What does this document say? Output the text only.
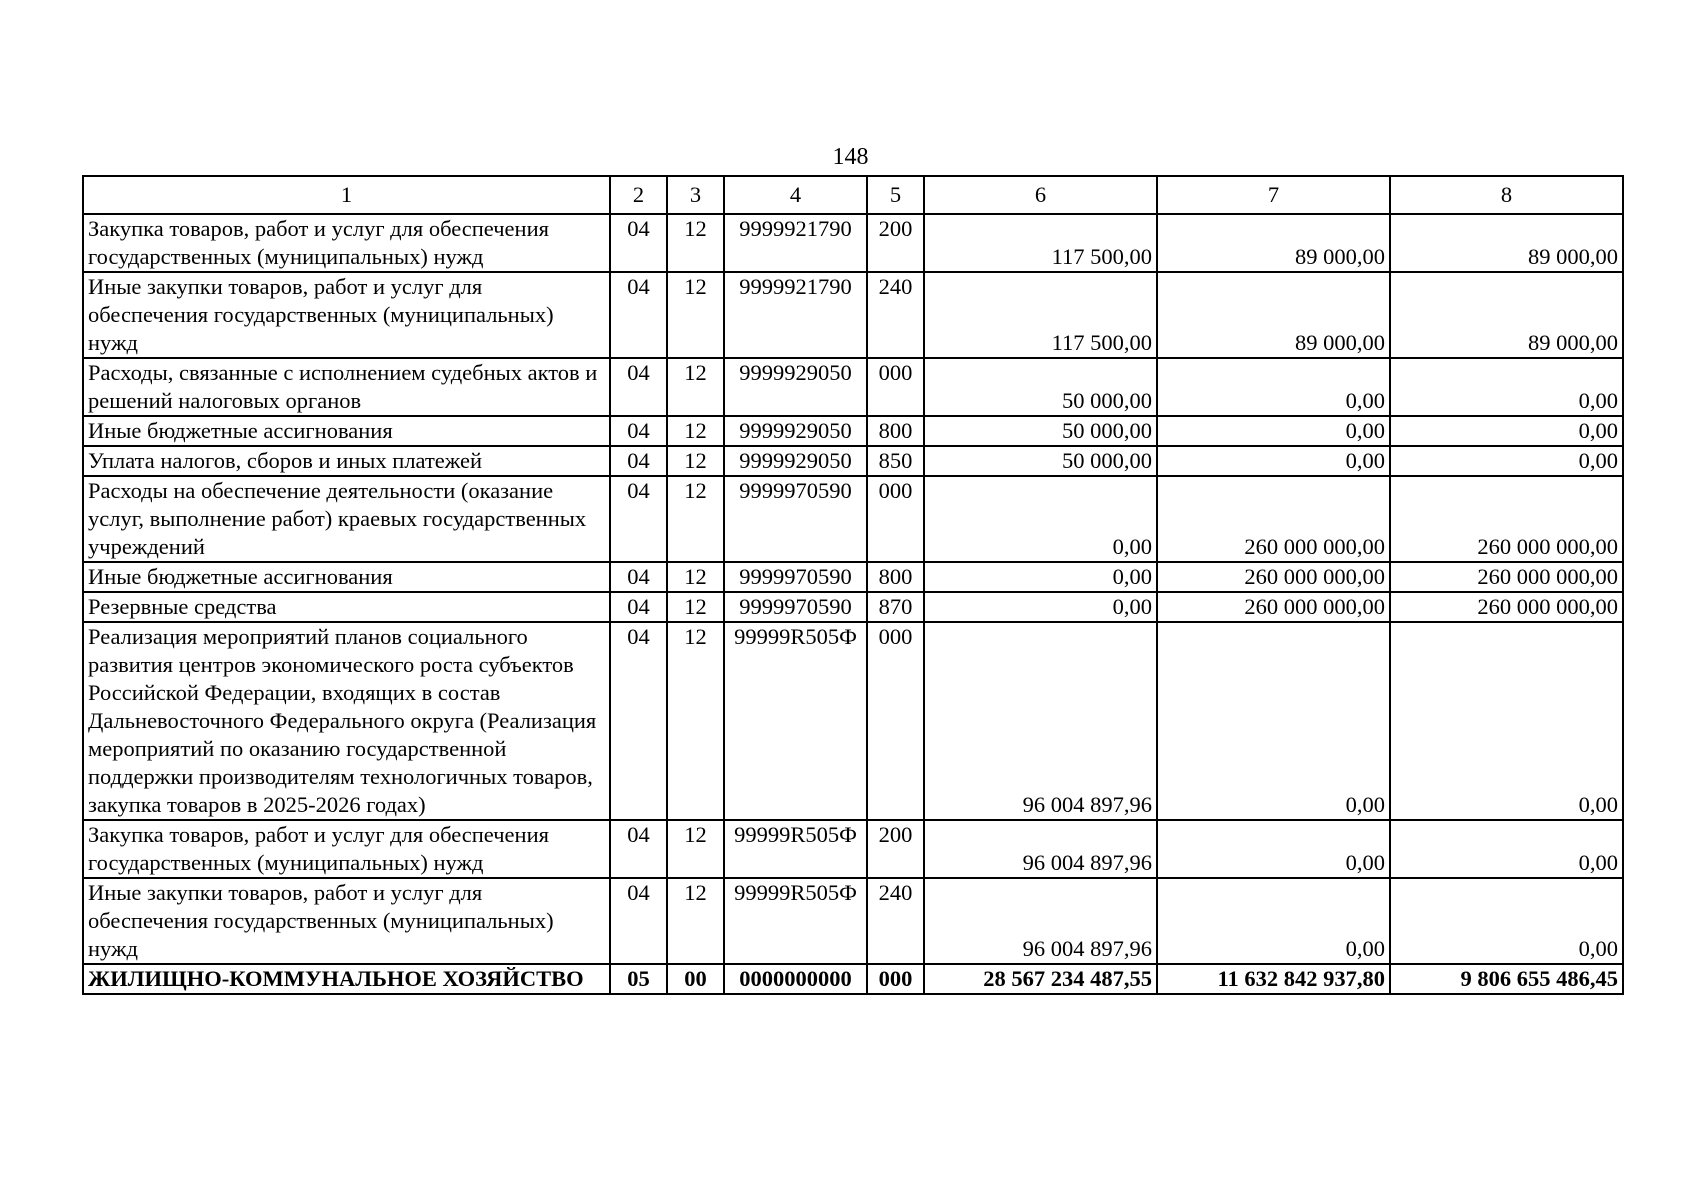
148
1	2	3	4	5	6	7	8
Закупка товаров, работ и услуг для обеспечения государственных (муниципальных) нужд	04	12	9999921790	200	117 500,00	89 000,00	89 000,00
Иные закупки товаров, работ и услуг для обеспечения государственных (муниципальных) нужд	04	12	9999921790	240	117 500,00	89 000,00	89 000,00
Расходы, связанные с исполнением судебных актов и решений налоговых органов	04	12	9999929050	000	50 000,00	0,00	0,00
Иные бюджетные ассигнования	04	12	9999929050	800	50 000,00	0,00	0,00
Уплата налогов, сборов и иных платежей	04	12	9999929050	850	50 000,00	0,00	0,00
Расходы на обеспечение деятельности (оказание услуг, выполнение работ) краевых государственных учреждений	04	12	9999970590	000	0,00	260 000 000,00	260 000 000,00
Иные бюджетные ассигнования	04	12	9999970590	800	0,00	260 000 000,00	260 000 000,00
Резервные средства	04	12	9999970590	870	0,00	260 000 000,00	260 000 000,00
Реализация мероприятий планов социального развития центров экономического роста субъектов Российской Федерации, входящих в состав Дальневосточного Федерального округа (Реализация мероприятий по оказанию государственной поддержки производителям технологичных товаров, закупка товаров в 2025-2026 годах)	04	12	99999R505Ф	000	96 004 897,96	0,00	0,00
Закупка товаров, работ и услуг для обеспечения государственных (муниципальных) нужд	04	12	99999R505Ф	200	96 004 897,96	0,00	0,00
Иные закупки товаров, работ и услуг для обеспечения государственных (муниципальных) нужд	04	12	99999R505Ф	240	96 004 897,96	0,00	0,00
ЖИЛИЩНО-КОММУНАЛЬНОЕ ХОЗЯЙСТВО	05	00	0000000000	000	28 567 234 487,55	11 632 842 937,80	9 806 655 486,45
